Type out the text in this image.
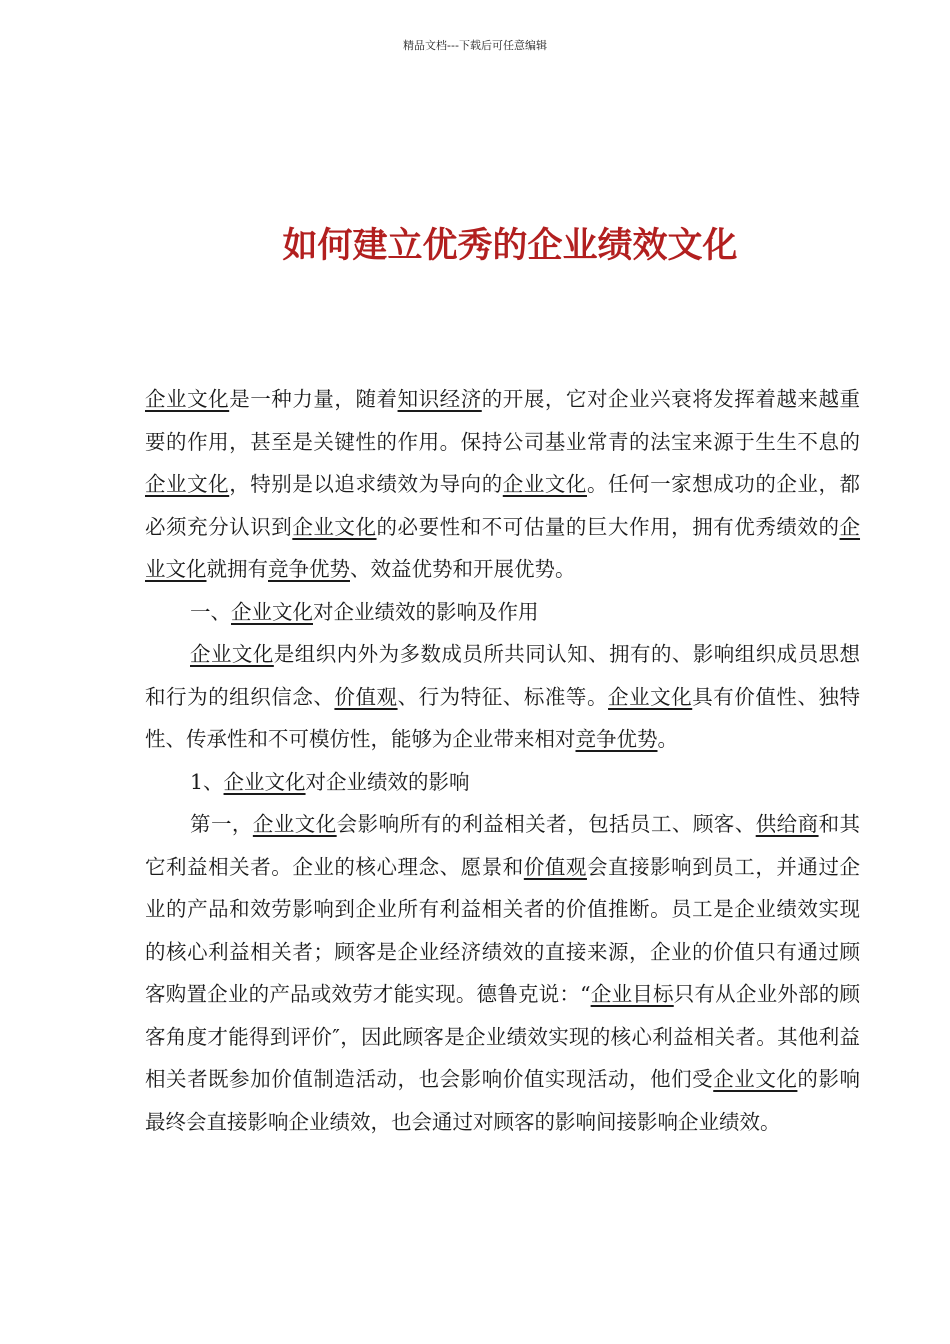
精品文档---下载后可任意编辑
如何建立优秀的企业绩效文化

企业文化是一种力量，随着知识经济的开展，它对企业兴衰将发挥着越来越重要的作用，甚至是关键性的作用。保持公司基业常青的法宝来源于生生不息的企业文化，特别是以追求绩效为导向的企业文化。任何一家想成功的企业，都必须充分认识到企业文化的必要性和不可估量的巨大作用，拥有优秀绩效的企业文化就拥有竞争优势、效益优势和开展优势。

一、企业文化对企业绩效的影响及作用

企业文化是组织内外为多数成员所共同认知、拥有的、影响组织成员思想和行为的组织信念、价值观、行为特征、标准等。企业文化具有价值性、独特性、传承性和不可模仿性，能够为企业带来相对竞争优势。

1、企业文化对企业绩效的影响

第一，企业文化会影响所有的利益相关者，包括员工、顾客、供给商和其它利益相关者。企业的核心理念、愿景和价值观会直接影响到员工，并通过企业的产品和效劳影响到企业所有利益相关者的价值推断。员工是企业绩效实现的核心利益相关者；顾客是企业经济绩效的直接来源，企业的价值只有通过顾客购置企业的产品或效劳才能实现。德鲁克说：“企业目标只有从企业外部的顾客角度才能得到评价″，因此顾客是企业绩效实现的核心利益相关者。其他利益相关者既参加价值制造活动，也会影响价值实现活动，他们受企业文化的影响最终会直接影响企业绩效，也会通过对顾客的影响间接影响企业绩效。
